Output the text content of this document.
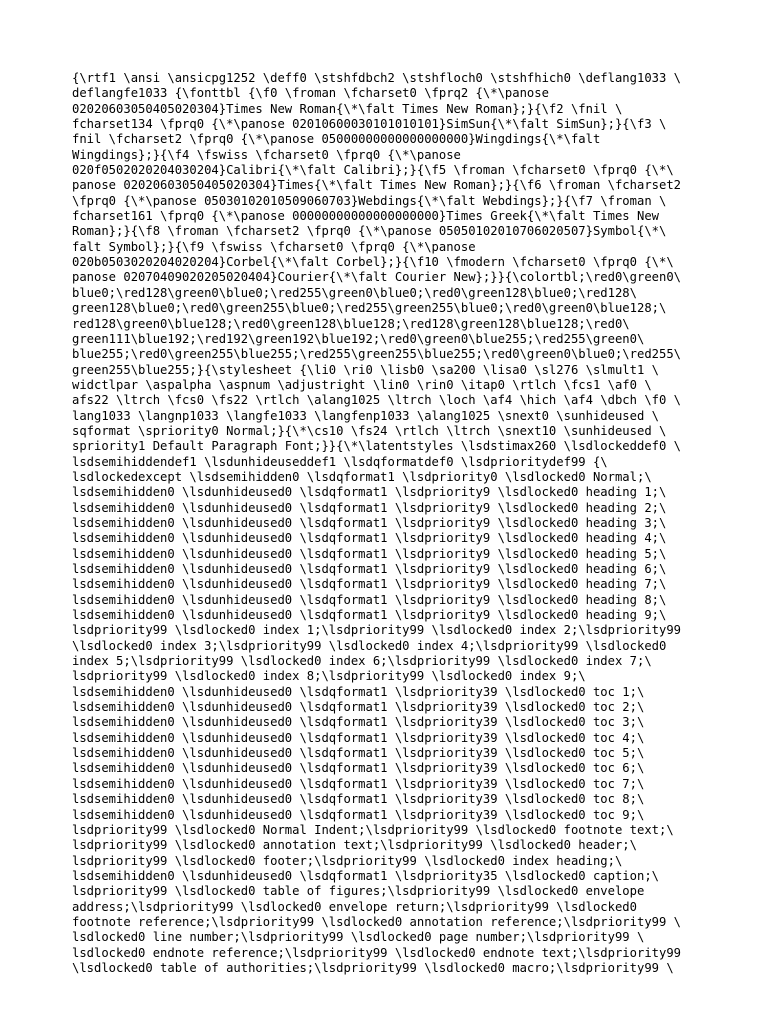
{\rtf1 \ansi \ansicpg1252 \deff0 \stshfdbch2 \stshfloch0 \stshfhich0 \deflang1033 \
deflangfe1033 {\fonttbl {\f0 \froman \fcharset0 \fprq2 {\*\panose
02020603050405020304}Times New Roman{\*\falt Times New Roman};}{\f2 \fnil \
fcharset134 \fprq0 {\*\panose 02010600030101010101}SimSun{\*\falt SimSun};}{\f3 \
fnil \fcharset2 \fprq0 {\*\panose 05000000000000000000}Wingdings{\*\falt
Wingdings};}{\f4 \fswiss \fcharset0 \fprq0 {\*\panose
020f0502020204030204}Calibri{\*\falt Calibri};}{\f5 \froman \fcharset0 \fprq0 {\*\
panose 02020603050405020304}Times{\*\falt Times New Roman};}{\f6 \froman \fcharset2
\fprq0 {\*\panose 05030102010509060703}Webdings{\*\falt Webdings};}{\f7 \froman \
fcharset161 \fprq0 {\*\panose 00000000000000000000}Times Greek{\*\falt Times New
Roman};}{\f8 \froman \fcharset2 \fprq0 {\*\panose 05050102010706020507}Symbol{\*\
falt Symbol};}{\f9 \fswiss \fcharset0 \fprq0 {\*\panose
020b0503020204020204}Corbel{\*\falt Corbel};}{\f10 \fmodern \fcharset0 \fprq0 {\*\
panose 02070409020205020404}Courier{\*\falt Courier New};}}{\colortbl;\red0\green0\
blue0;\red128\green0\blue0;\red255\green0\blue0;\red0\green128\blue0;\red128\
green128\blue0;\red0\green255\blue0;\red255\green255\blue0;\red0\green0\blue128;\
red128\green0\blue128;\red0\green128\blue128;\red128\green128\blue128;\red0\
green111\blue192;\red192\green192\blue192;\red0\green0\blue255;\red255\green0\
blue255;\red0\green255\blue255;\red255\green255\blue255;\red0\green0\blue0;\red255\
green255\blue255;}{\stylesheet {\li0 \ri0 \lisb0 \sa200 \lisa0 \sl276 \slmult1 \
widctlpar \aspalpha \aspnum \adjustright \lin0 \rin0 \itap0 \rtlch \fcs1 \af0 \
afs22 \ltrch \fcs0 \fs22 \rtlch \alang1025 \ltrch \loch \af4 \hich \af4 \dbch \f0 \
lang1033 \langnp1033 \langfe1033 \langfenp1033 \alang1025 \snext0 \sunhideused \
sqformat \spriority0 Normal;}{\*\cs10 \fs24 \rtlch \ltrch \snext10 \sunhideused \
spriority1 Default Paragraph Font;}}{\*\latentstyles \lsdstimax260 \lsdlockeddef0 \
lsdsemihiddendef1 \lsdunhideuseddef1 \lsdqformatdef0 \lsdprioritydef99 {\
lsdlockedexcept \lsdsemihidden0 \lsdqformat1 \lsdpriority0 \lsdlocked0 Normal;\
lsdsemihidden0 \lsdunhideused0 \lsdqformat1 \lsdpriority9 \lsdlocked0 heading 1;\
lsdsemihidden0 \lsdunhideused0 \lsdqformat1 \lsdpriority9 \lsdlocked0 heading 2;\
lsdsemihidden0 \lsdunhideused0 \lsdqformat1 \lsdpriority9 \lsdlocked0 heading 3;\
lsdsemihidden0 \lsdunhideused0 \lsdqformat1 \lsdpriority9 \lsdlocked0 heading 4;\
lsdsemihidden0 \lsdunhideused0 \lsdqformat1 \lsdpriority9 \lsdlocked0 heading 5;\
lsdsemihidden0 \lsdunhideused0 \lsdqformat1 \lsdpriority9 \lsdlocked0 heading 6;\
lsdsemihidden0 \lsdunhideused0 \lsdqformat1 \lsdpriority9 \lsdlocked0 heading 7;\
lsdsemihidden0 \lsdunhideused0 \lsdqformat1 \lsdpriority9 \lsdlocked0 heading 8;\
lsdsemihidden0 \lsdunhideused0 \lsdqformat1 \lsdpriority9 \lsdlocked0 heading 9;\
lsdpriority99 \lsdlocked0 index 1;\lsdpriority99 \lsdlocked0 index 2;\lsdpriority99
\lsdlocked0 index 3;\lsdpriority99 \lsdlocked0 index 4;\lsdpriority99 \lsdlocked0
index 5;\lsdpriority99 \lsdlocked0 index 6;\lsdpriority99 \lsdlocked0 index 7;\
lsdpriority99 \lsdlocked0 index 8;\lsdpriority99 \lsdlocked0 index 9;\
lsdsemihidden0 \lsdunhideused0 \lsdqformat1 \lsdpriority39 \lsdlocked0 toc 1;\
lsdsemihidden0 \lsdunhideused0 \lsdqformat1 \lsdpriority39 \lsdlocked0 toc 2;\
lsdsemihidden0 \lsdunhideused0 \lsdqformat1 \lsdpriority39 \lsdlocked0 toc 3;\
lsdsemihidden0 \lsdunhideused0 \lsdqformat1 \lsdpriority39 \lsdlocked0 toc 4;\
lsdsemihidden0 \lsdunhideused0 \lsdqformat1 \lsdpriority39 \lsdlocked0 toc 5;\
lsdsemihidden0 \lsdunhideused0 \lsdqformat1 \lsdpriority39 \lsdlocked0 toc 6;\
lsdsemihidden0 \lsdunhideused0 \lsdqformat1 \lsdpriority39 \lsdlocked0 toc 7;\
lsdsemihidden0 \lsdunhideused0 \lsdqformat1 \lsdpriority39 \lsdlocked0 toc 8;\
lsdsemihidden0 \lsdunhideused0 \lsdqformat1 \lsdpriority39 \lsdlocked0 toc 9;\
lsdpriority99 \lsdlocked0 Normal Indent;\lsdpriority99 \lsdlocked0 footnote text;\
lsdpriority99 \lsdlocked0 annotation text;\lsdpriority99 \lsdlocked0 header;\
lsdpriority99 \lsdlocked0 footer;\lsdpriority99 \lsdlocked0 index heading;\
lsdsemihidden0 \lsdunhideused0 \lsdqformat1 \lsdpriority35 \lsdlocked0 caption;\
lsdpriority99 \lsdlocked0 table of figures;\lsdpriority99 \lsdlocked0 envelope
address;\lsdpriority99 \lsdlocked0 envelope return;\lsdpriority99 \lsdlocked0
footnote reference;\lsdpriority99 \lsdlocked0 annotation reference;\lsdpriority99 \
lsdlocked0 line number;\lsdpriority99 \lsdlocked0 page number;\lsdpriority99 \
lsdlocked0 endnote reference;\lsdpriority99 \lsdlocked0 endnote text;\lsdpriority99
\lsdlocked0 table of authorities;\lsdpriority99 \lsdlocked0 macro;\lsdpriority99 \
